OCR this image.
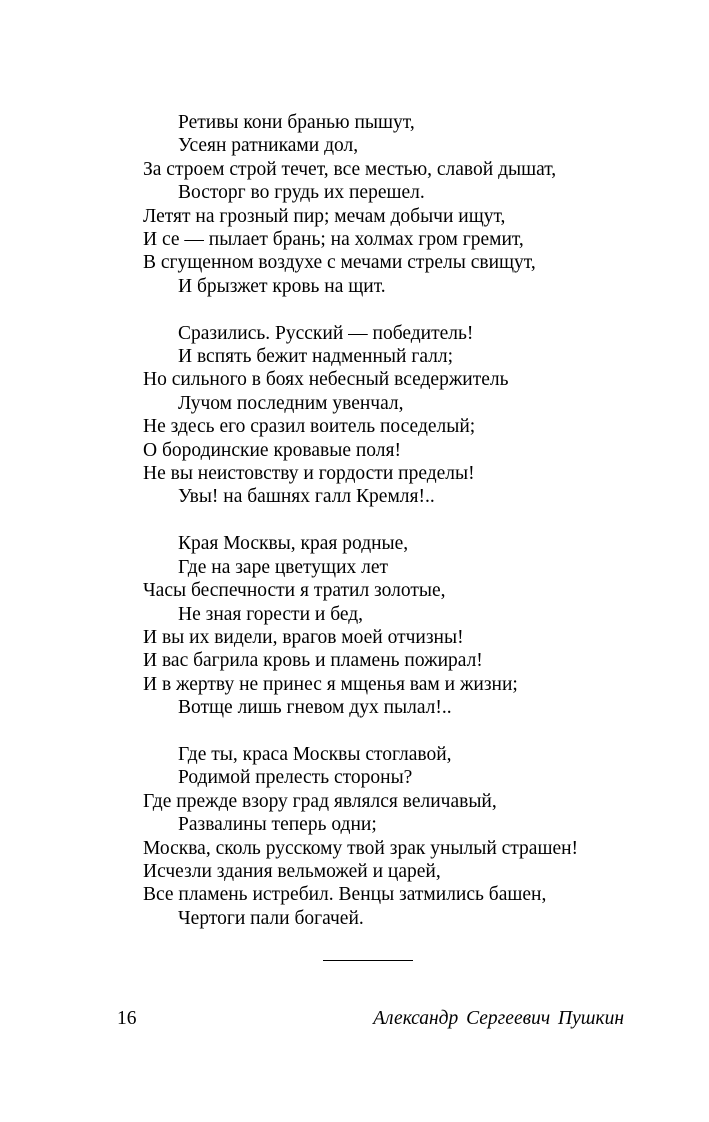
Ретивы кони бранью пышут,
Усеян ратниками дол,
За строем строй течет, все местью, славой дышат,
Восторг во грудь их перешел.
Летят на грозный пир; мечам добычи ищут,
И се — пылает брань; на холмах гром гремит,
В сгущенном воздухе с мечами стрелы свищут,
И брызжет кровь на щит.
Сразились. Русский — победитель!
И вспять бежит надменный галл;
Но сильного в боях небесный вседержитель
Лучом последним увенчал,
Не здесь его сразил воитель поседелый;
О бородинские кровавые поля!
Не вы неистовству и гордости пределы!
Увы! на башнях галл Кремля!..
Края Москвы, края родные,
Где на заре цветущих лет
Часы беспечности я тратил золотые,
Не зная горести и бед,
И вы их видели, врагов моей отчизны!
И вас багрила кровь и пламень пожирал!
И в жертву не принес я мщенья вам и жизни;
Вотще лишь гневом дух пылал!..
Где ты, краса Москвы стоглавой,
Родимой прелесть стороны?
Где прежде взору град являлся величавый,
Развалины теперь одни;
Москва, сколь русскому твой зрак унылый страшен!
Исчезли здания вельможей и царей,
Все пламень истребил. Венцы затмились башен,
Чертоги пали богачей.
16	Александр Сергеевич Пушкин
